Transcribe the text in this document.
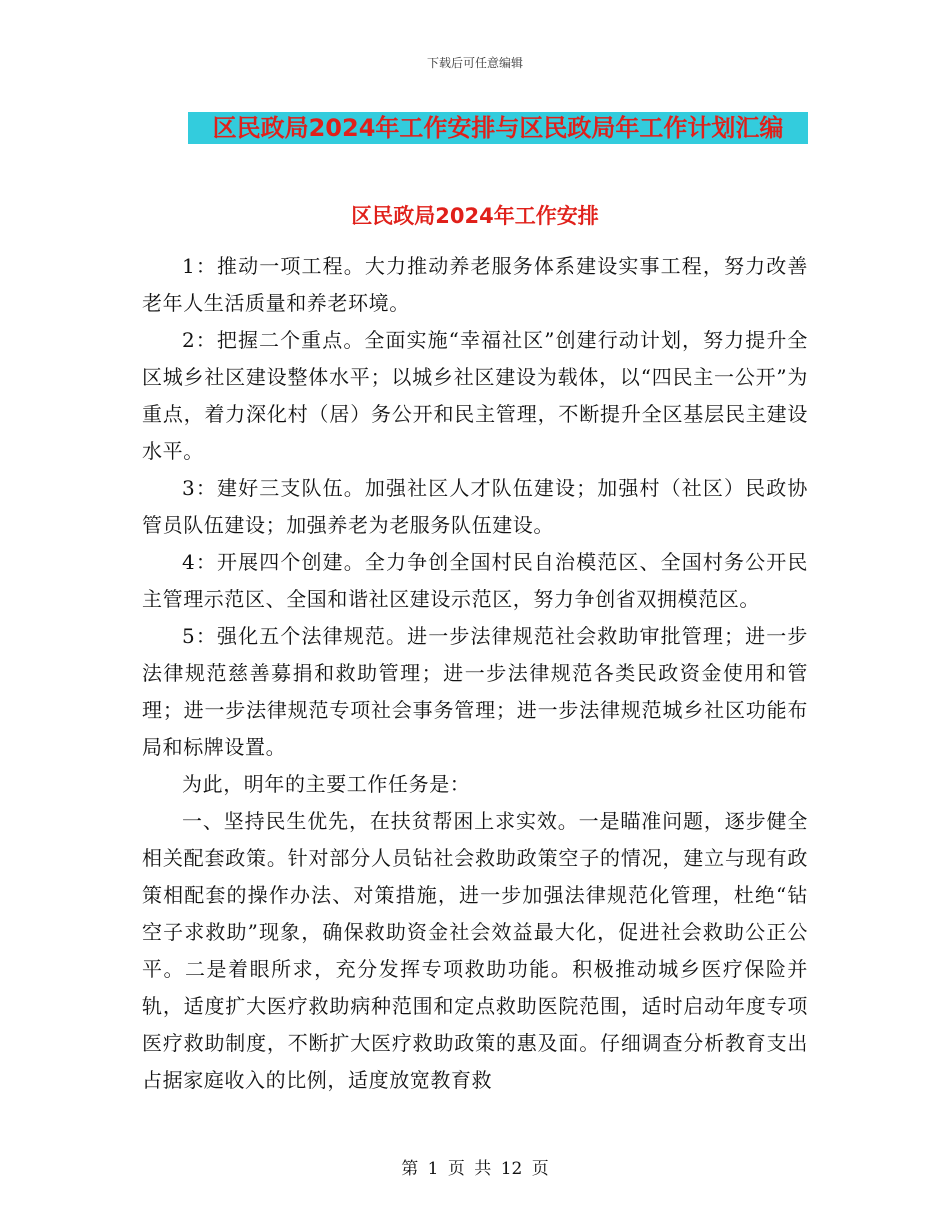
下载后可任意编辑
区民政局2024年工作安排与区民政局年工作计划汇编
区民政局2024年工作安排

1：推动一项工程。大力推动养老服务体系建设实事工程，努力改善老年人生活质量和养老环境。

2：把握二个重点。全面实施“幸福社区”创建行动计划，努力提升全区城乡社区建设整体水平；以城乡社区建设为载体，以“四民主一公开”为重点，着力深化村（居）务公开和民主管理，不断提升全区基层民主建设水平。

3：建好三支队伍。加强社区人才队伍建设；加强村（社区）民政协管员队伍建设；加强养老为老服务队伍建设。

4：开展四个创建。全力争创全国村民自治模范区、全国村务公开民主管理示范区、全国和谐社区建设示范区，努力争创省双拥模范区。

5：强化五个法律规范。进一步法律规范社会救助审批管理；进一步法律规范慈善募捐和救助管理；进一步法律规范各类民政资金使用和管理；进一步法律规范专项社会事务管理；进一步法律规范城乡社区功能布局和标牌设置。

为此，明年的主要工作任务是：

一、坚持民生优先，在扶贫帮困上求实效。一是瞄准问题，逐步健全相关配套政策。针对部分人员钻社会救助政策空子的情况，建立与现有政策相配套的操作办法、对策措施，进一步加强法律规范化管理，杜绝“钻空子求救助”现象，确保救助资金社会效益最大化，促进社会救助公正公平。二是着眼所求，充分发挥专项救助功能。积极推动城乡医疗保险并轨，适度扩大医疗救助病种范围和定点救助医院范围，适时启动年度专项医疗救助制度，不断扩大医疗救助政策的惠及面。仔细调查分析教育支出占据家庭收入的比例，适度放宽教育救

第 1 页 共 12 页
